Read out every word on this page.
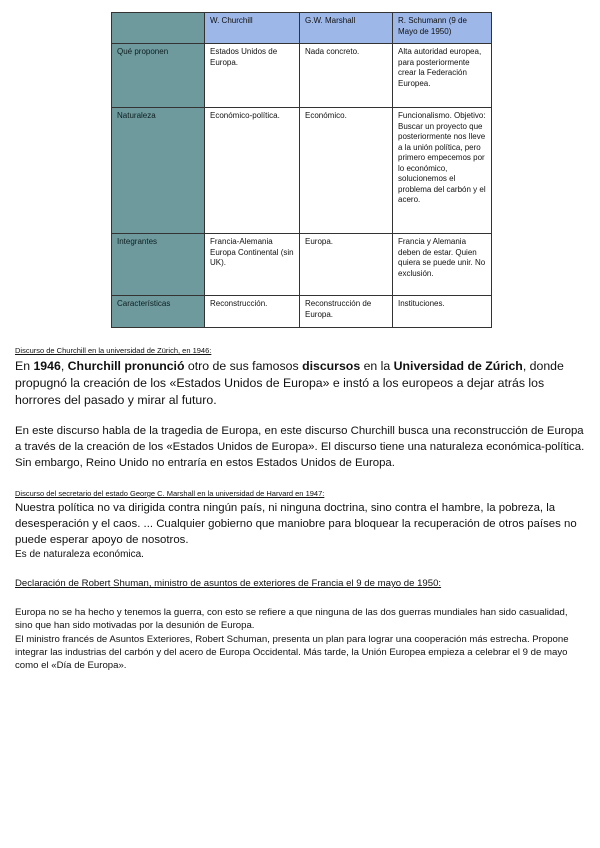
	W. Churchill	G.W. Marshall	R. Schumann (9 de Mayo de 1950)
Qué proponen	Estados Unidos de Europa.	Nada concreto.	Alta autoridad europea, para posteriormente crear la Federación Europea.
Naturaleza	Económico-política.	Económico.	Funcionalismo. Objetivo: Buscar un proyecto que posteriormente nos lleve a la unión política, pero primero empecemos por lo económico, solucionemos el problema del carbón y el acero.
Integrantes	Francia-Alemania Europa Continental (sin UK).	Europa.	Francia y Alemania deben de estar. Quien quiera se puede unir. No exclusión.
Características	Reconstrucción.	Reconstrucción de Europa.	Instituciones.
Discurso de Churchill en la universidad de Zürich, en 1946:
En 1946, Churchill pronunció otro de sus famosos discursos en la Universidad de Zúrich, donde propugnó la creación de los «Estados Unidos de Europa» e instó a los europeos a dejar atrás los horrores del pasado y mirar al futuro.
En este discurso habla de la tragedia de Europa, en este discurso Churchill busca una reconstrucción de Europa a través de la creación de los «Estados Unidos de Europa». El discurso tiene una naturaleza económica-política. Sin embargo, Reino Unido no entraría en estos Estados Unidos de Europa.
Discurso del secretario del estado George C. Marshall en la universidad de Harvard en 1947:
Nuestra política no va dirigida contra ningún país, ni ninguna doctrina, sino contra el hambre, la pobreza, la desesperación y el caos. ... Cualquier gobierno que maniobre para bloquear la recuperación de otros países no puede esperar apoyo de nosotros.
Es de naturaleza económica.
Declaración de Robert Shuman, ministro de asuntos de exteriores de Francia el 9 de mayo de 1950:
Europa no se ha hecho y tenemos la guerra, con esto se refiere a que ninguna de las dos guerras mundiales han sido casualidad, sino que han sido motivadas por la desunión de Europa.
El ministro francés de Asuntos Exteriores, Robert Schuman, presenta un plan para lograr una cooperación más estrecha. Propone integrar las industrias del carbón y del acero de Europa Occidental. Más tarde, la Unión Europea empieza a celebrar el 9 de mayo como el «Día de Europa».
